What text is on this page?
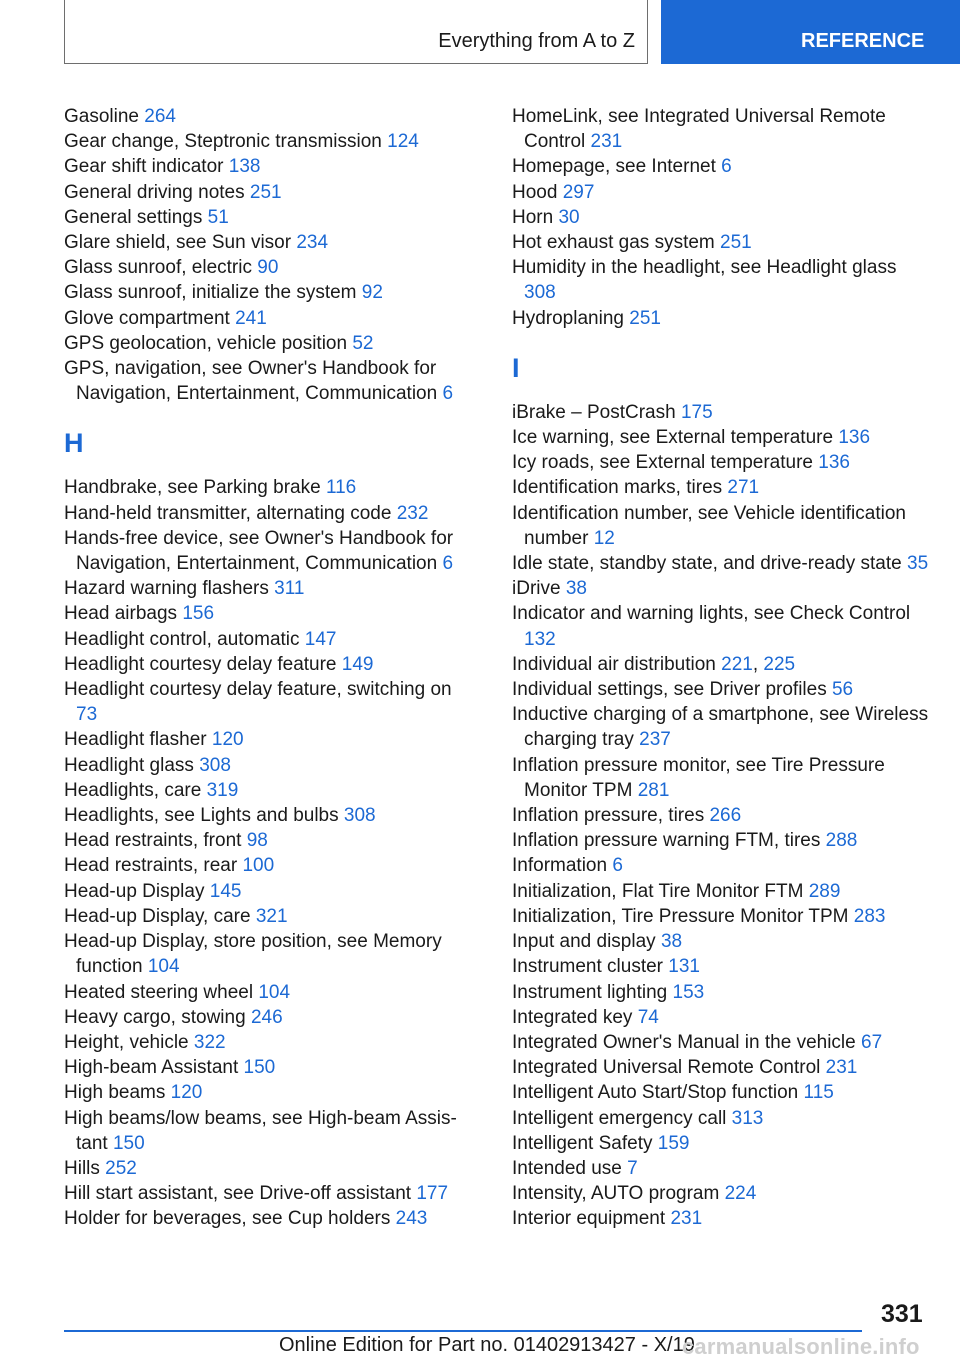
Everything from A to Z	REFERENCE
Gasoline 264
Gear change, Steptronic transmission 124
Gear shift indicator 138
General driving notes 251
General settings 51
Glare shield, see Sun visor 234
Glass sunroof, electric 90
Glass sunroof, initialize the system 92
Glove compartment 241
GPS geolocation, vehicle position 52
GPS, navigation, see Owner's Handbook for Navigation, Entertainment, Communication 6
H
Handbrake, see Parking brake 116
Hand-held transmitter, alternating code 232
Hands-free device, see Owner's Handbook for Navigation, Entertainment, Communication 6
Hazard warning flashers 311
Head airbags 156
Headlight control, automatic 147
Headlight courtesy delay feature 149
Headlight courtesy delay feature, switching on 73
Headlight flasher 120
Headlight glass 308
Headlights, care 319
Headlights, see Lights and bulbs 308
Head restraints, front 98
Head restraints, rear 100
Head-up Display 145
Head-up Display, care 321
Head-up Display, store position, see Memory function 104
Heated steering wheel 104
Heavy cargo, stowing 246
Height, vehicle 322
High-beam Assistant 150
High beams 120
High beams/low beams, see High-beam Assistant 150
Hills 252
Hill start assistant, see Drive-off assistant 177
Holder for beverages, see Cup holders 243
HomeLink, see Integrated Universal Remote Control 231
Homepage, see Internet 6
Hood 297
Horn 30
Hot exhaust gas system 251
Humidity in the headlight, see Headlight glass 308
Hydroplaning 251
I
iBrake – PostCrash 175
Ice warning, see External temperature 136
Icy roads, see External temperature 136
Identification marks, tires 271
Identification number, see Vehicle identification number 12
Idle state, standby state, and drive-ready state 35
iDrive 38
Indicator and warning lights, see Check Control 132
Individual air distribution 221, 225
Individual settings, see Driver profiles 56
Inductive charging of a smartphone, see Wireless charging tray 237
Inflation pressure monitor, see Tire Pressure Monitor TPM 281
Inflation pressure, tires 266
Inflation pressure warning FTM, tires 288
Information 6
Initialization, Flat Tire Monitor FTM 289
Initialization, Tire Pressure Monitor TPM 283
Input and display 38
Instrument cluster 131
Instrument lighting 153
Integrated key 74
Integrated Owner's Manual in the vehicle 67
Integrated Universal Remote Control 231
Intelligent Auto Start/Stop function 115
Intelligent emergency call 313
Intelligent Safety 159
Intended use 7
Intensity, AUTO program 224
Interior equipment 231
331
Online Edition for Part no. 01402913427 - X/19
carmanualsonline.info
